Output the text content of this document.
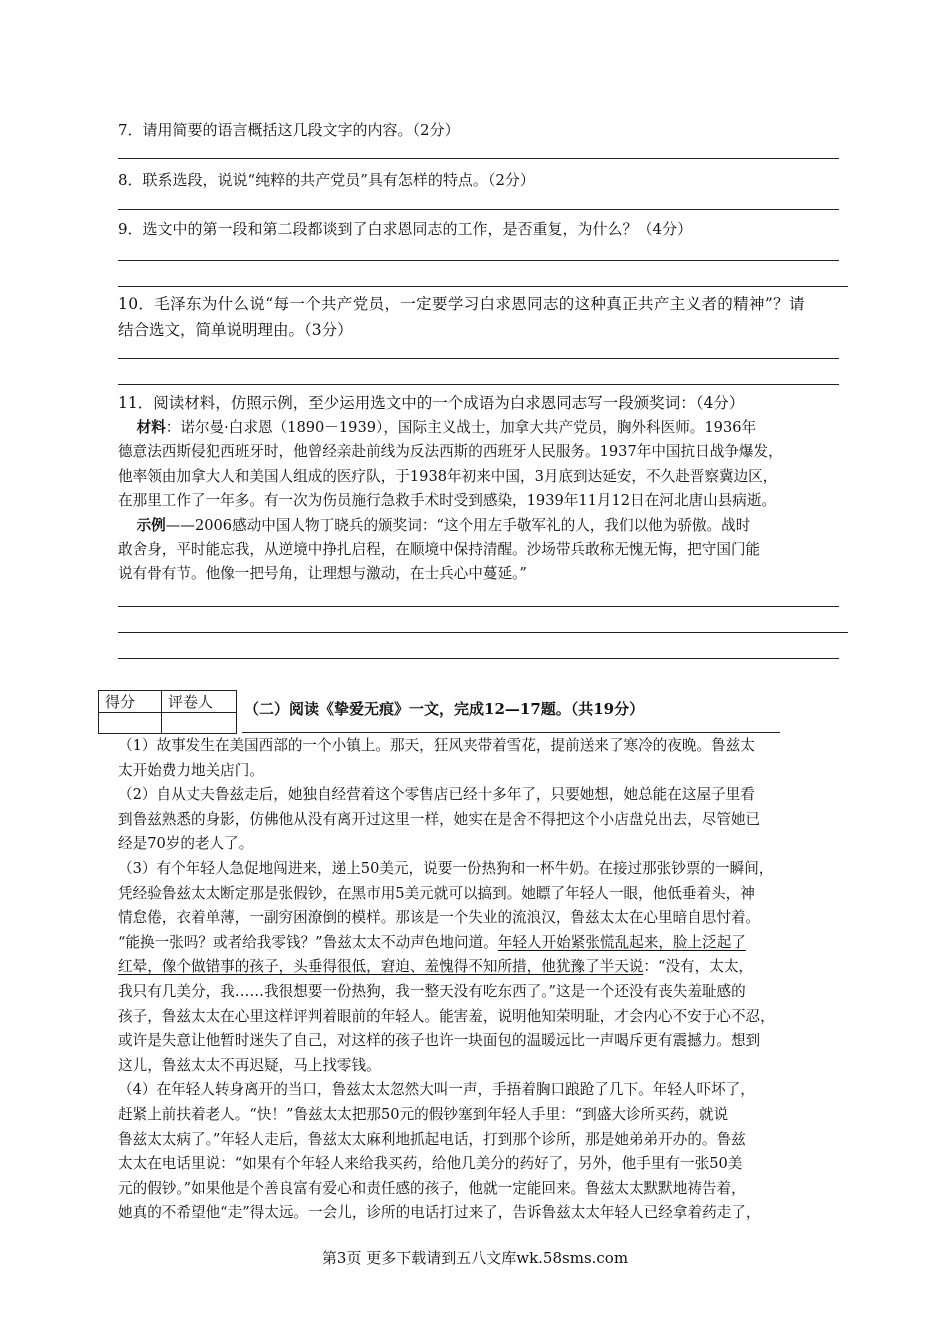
7．请用简要的语言概括这几段文字的内容。（2分）
8．联系选段，说说“纯粹的共产党员”具有怎样的特点。（2分）
9．选文中的第一段和第二段都谈到了白求恩同志的工作，是否重复，为什么？（4分）
10．毛泽东为什么说“每一个共产党员，一定要学习白求恩同志的这种真正共产主义者的精神”？请
结合选文，简单说明理由。（3分）
11．阅读材料，仿照示例，至少运用选文中的一个成语为白求恩同志写一段颁奖词：（4分）
材料：诺尔曼·白求恩（1890－1939），国际主义战士，加拿大共产党员，胸外科医师。1936年
德意法西斯侵犯西班牙时，他曾经亲赴前线为反法西斯的西班牙人民服务。1937年中国抗日战争爆发，
他率领由加拿大人和美国人组成的医疗队，于1938年初来中国，3月底到达延安，不久赴晋察冀边区，
在那里工作了一年多。有一次为伤员施行急救手术时受到感染，1939年11月12日在河北唐山县病逝。
示例——2006感动中国人物丁晓兵的颁奖词：“这个用左手敬军礼的人，我们以他为骄傲。战时
敢舍身，平时能忘我，从逆境中挣扎启程，在顺境中保持清醒。沙场带兵敢称无愧无悔，把守国门能
说有骨有节。他像一把号角，让理想与激动，在士兵心中蔓延。”
得分	评卷人
	（二）阅读《挚爱无痕》一文，完成12—17题。（共19分）
（1）故事发生在美国西部的一个小镇上。那天，狂风夹带着雪花，提前送来了寒冷的夜晚。鲁兹太
太开始费力地关店门。
（2）自从丈夫鲁兹走后，她独自经营着这个零售店已经十多年了，只要她想，她总能在这屋子里看
到鲁兹熟悉的身影，仿佛他从没有离开过这里一样，她实在是舍不得把这个小店盘兑出去，尽管她已
经是70岁的老人了。
（3）有个年轻人急促地闯进来，递上50美元，说要一份热狗和一杯牛奶。在接过那张钞票的一瞬间，
凭经验鲁兹太太断定那是张假钞，在黑市用5美元就可以搞到。她瞟了年轻人一眼，他低垂着头，神
情怠倦，衣着单薄，一副穷困潦倒的模样。那该是一个失业的流浪汉，鲁兹太太在心里暗自思忖着。
“能换一张吗？或者给我零钱？”鲁兹太太不动声色地问道。年轻人开始紧张慌乱起来，脸上泛起了
红晕，像个做错事的孩子，头垂得很低，窘迫、羞愧得不知所措，他犹豫了半天说：“没有，太太，
我只有几美分，我……我很想要一份热狗，我一整天没有吃东西了。”这是一个还没有丧失羞耻感的
孩子，鲁兹太太在心里这样评判着眼前的年轻人。能害羞，说明他知荣明耻，才会内心不安于心不忍，
或许是失意让他暂时迷失了自己，对这样的孩子也许一块面包的温暖远比一声喝斥更有震撼力。想到
这儿，鲁兹太太不再迟疑，马上找零钱。
（4）在年轻人转身离开的当口，鲁兹太太忽然大叫一声，手捂着胸口踉跄了几下。年轻人吓坏了，
赶紧上前扶着老人。“快！”鲁兹太太把那50元的假钞塞到年轻人手里：“到盛大诊所买药，就说
鲁兹太太病了。”年轻人走后，鲁兹太太麻利地抓起电话，打到那个诊所，那是她弟弟开办的。鲁兹
太太在电话里说：“如果有个年轻人来给我买药，给他几美分的药好了，另外，他手里有一张50美
元的假钞。”如果他是个善良富有爱心和责任感的孩子，他就一定能回来。鲁兹太太默默地祷告着，
她真的不希望他“走”得太远。一会儿，诊所的电话打过来了，告诉鲁兹太太年轻人已经拿着药走了，
第3页 更多下载请到五八文库wk.58sms.com
